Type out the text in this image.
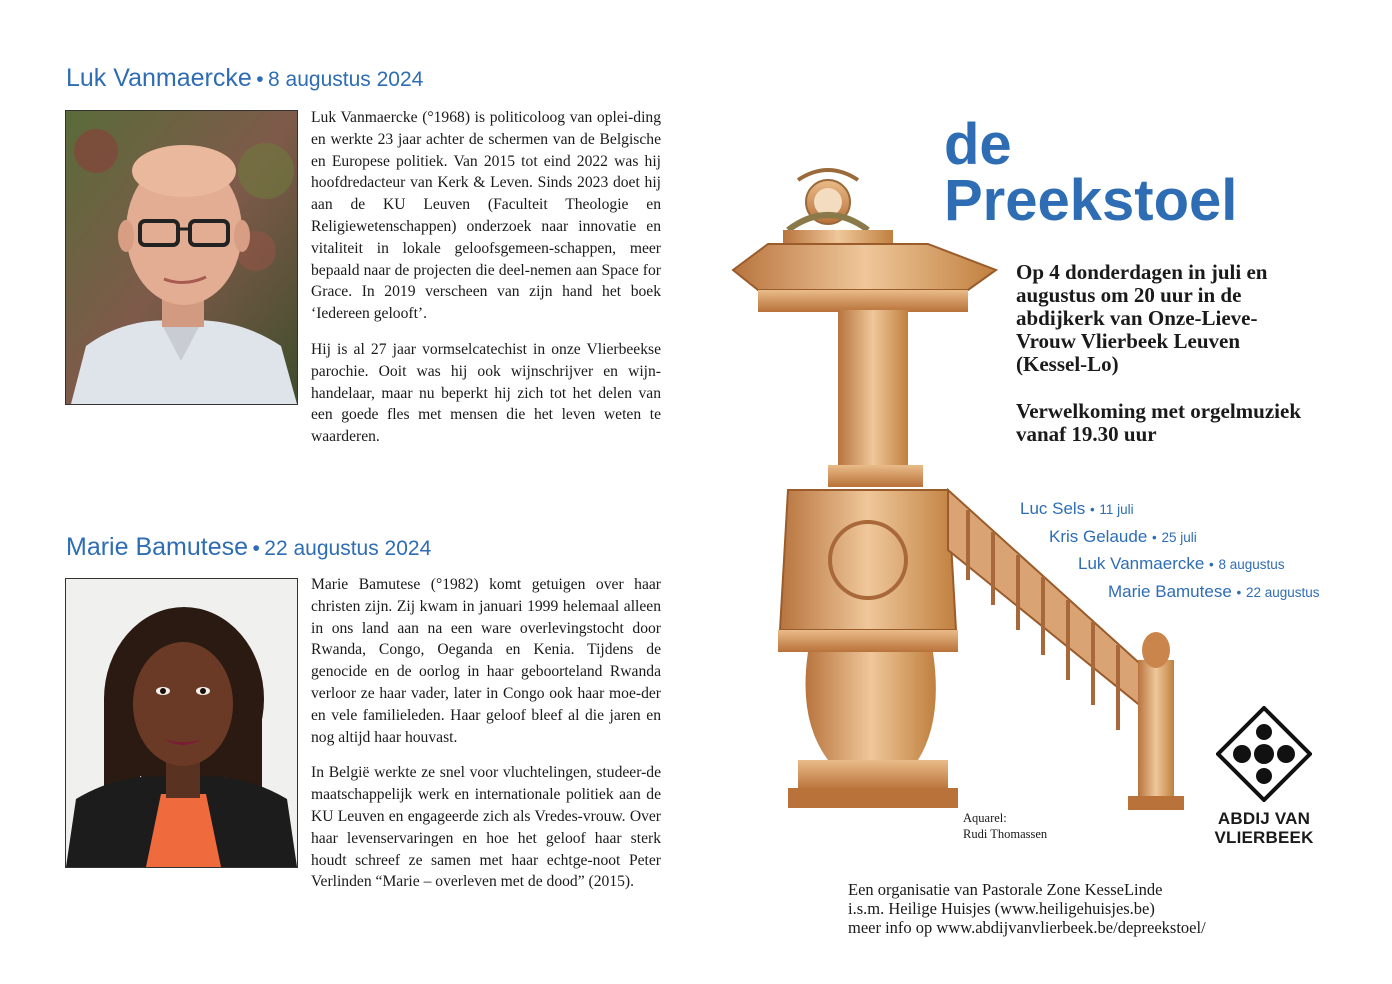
Luk Vanmaercke • 8 augustus 2024

Luk Vanmaercke (°1968) is politicoloog van oplei-ding en werkte 23 jaar achter de schermen van de Belgische en Europese politiek. Van 2015 tot eind 2022 was hij hoofdredacteur van Kerk & Leven. Sinds 2023 doet hij aan de KU Leuven (Faculteit Theologie en Religiewetenschappen) onderzoek naar innovatie en vitaliteit in lokale geloofsgemeen-schappen, meer bepaald naar de projecten die deel-nemen aan Space for Grace. In 2019 verscheen van zijn hand het boek ‘Iedereen gelooft’.

Hij is al 27 jaar vormselcatechist in onze Vlierbeekse parochie. Ooit was hij ook wijnschrijver en wijn-handelaar, maar nu beperkt hij zich tot het delen van een goede fles met mensen die het leven weten te waarderen.

Marie Bamutese • 22 augustus 2024

Marie Bamutese (°1982) komt getuigen over haar christen zijn. Zij kwam in januari 1999 helemaal alleen in ons land aan na een ware overlevingstocht door Rwanda, Congo, Oeganda en Kenia. Tijdens de genocide en de oorlog in haar geboorteland Rwanda verloor ze haar vader, later in Congo ook haar moe-der en vele familieleden. Haar geloof bleef al die jaren en nog altijd haar houvast.

In België werkte ze snel voor vluchtelingen, studeer-de maatschappelijk werk en internationale politiek aan de KU Leuven en engageerde zich als Vredes-vrouw. Over haar levenservaringen en hoe het geloof haar sterk houdt schreef ze samen met haar echtge-noot Peter Verlinden “Marie – overleven met de dood” (2015).

de
Preekstoel

Op 4 donderdagen in juli en augustus om 20 uur in de abdijkerk van Onze-Lieve-Vrouw Vlierbeek Leuven (Kessel-Lo)

Verwelkoming met orgelmuziek vanaf 19.30 uur

Luc Sels • 11 juli
Kris Gelaude • 25 juli
Luk Vanmaercke • 8 augustus
Marie Bamutese • 22 augustus
Aquarel:
Rudi Thomassen
ABDIJ VAN
VLIERBEEK
Een organisatie van Pastorale Zone KesseLinde
i.s.m. Heilige Huisjes (www.heiligehuisjes.be)
meer info op www.abdijvanvlierbeek.be/depreekstoel/
